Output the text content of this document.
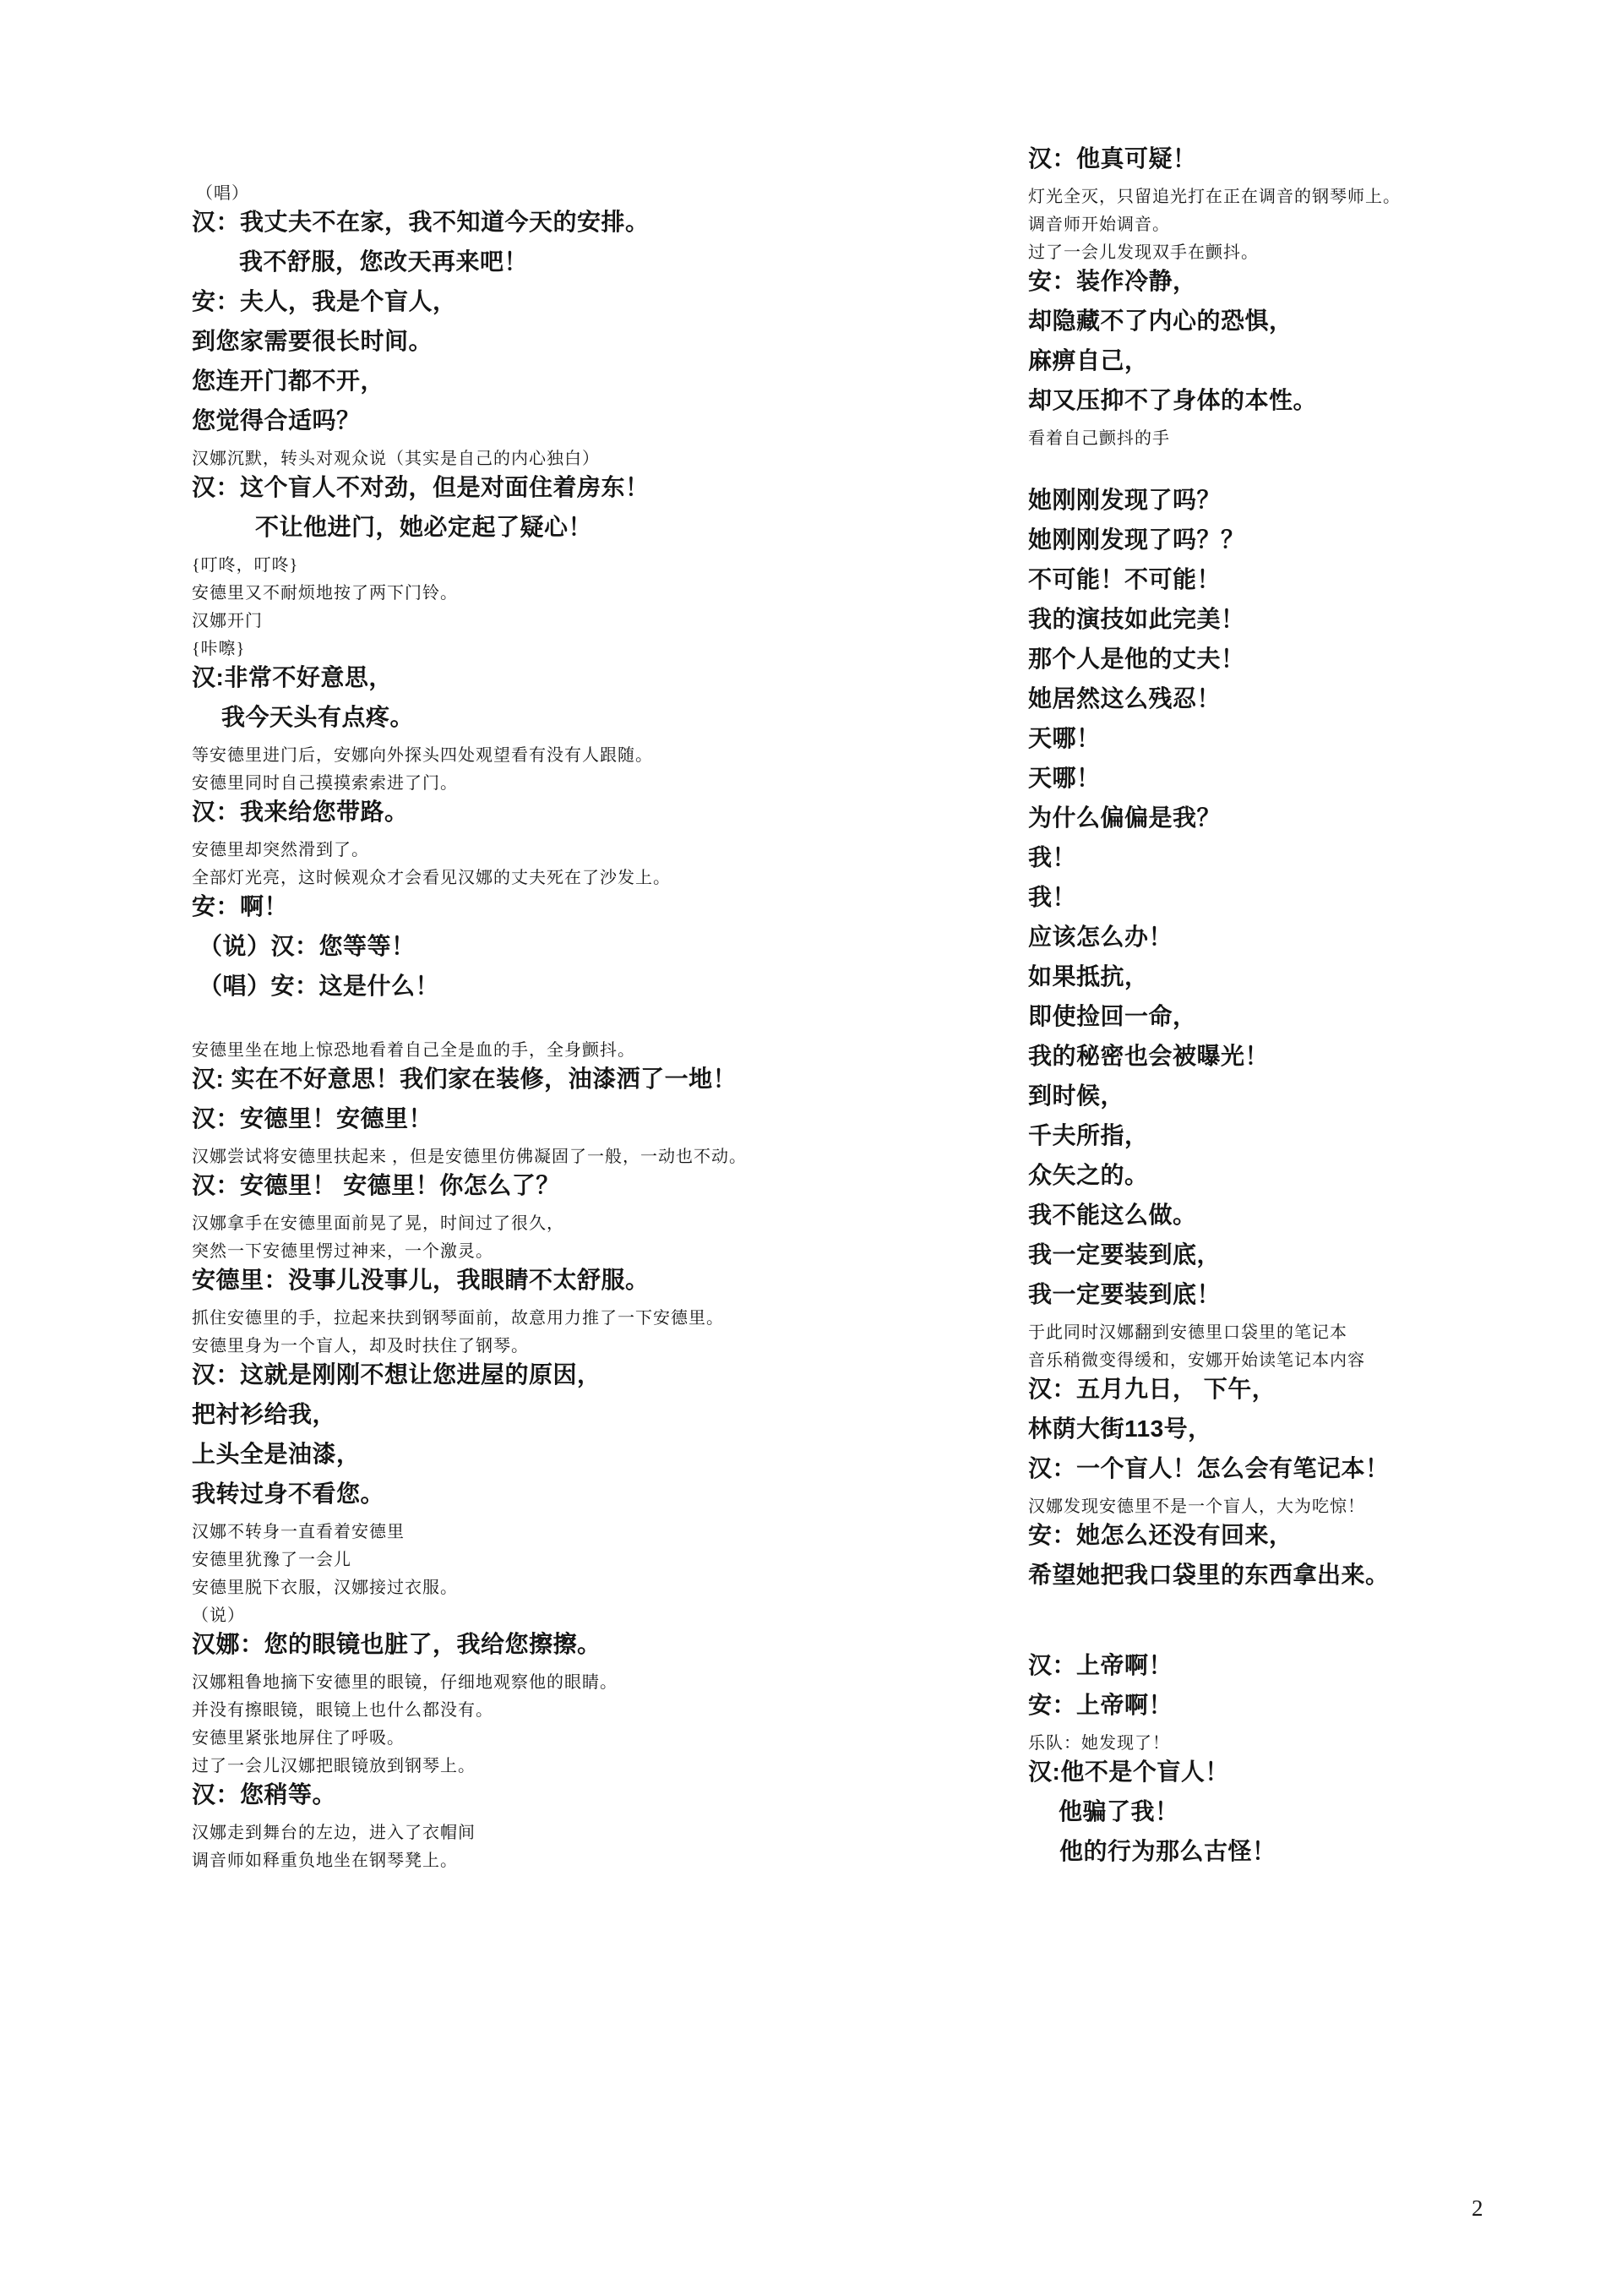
（唱）
汉：我丈夫不在家，我不知道今天的安排。
我不舒服，您改天再来吧！
安：夫人，我是个盲人，
到您家需要很长时间。
您连开门都不开，
您觉得合适吗？
汉娜沉默，转头对观众说（其实是自己的内心独白）
汉：这个盲人不对劲，但是对面住着房东！
不让他进门，她必定起了疑心！
{叮咚，叮咚}
安德里又不耐烦地按了两下门铃。
汉娜开门
{咔嚓}
汉:非常不好意思，
我今天头有点疼。
等安德里进门后，安娜向外探头四处观望看有没有人跟随。
安德里同时自己摸摸索索进了门。
汉：我来给您带路。
安德里却突然滑到了。
全部灯光亮，这时候观众才会看见汉娜的丈夫死在了沙发上。
安：啊！
（说）汉：您等等！
（唱）安：这是什么！
安德里坐在地上惊恐地看着自己全是血的手，全身颤抖。
汉: 实在不好意思！我们家在装修，油漆洒了一地！
汉：安德里！安德里！
汉娜尝试将安德里扶起来 ，但是安德里仿佛凝固了一般，一动也不动。
汉：安德里！ 安德里！你怎么了？
汉娜拿手在安德里面前晃了晃，时间过了很久，
突然一下安德里愣过神来，一个激灵。
安德里：没事儿没事儿，我眼睛不太舒服。
抓住安德里的手，拉起来扶到钢琴面前，故意用力推了一下安德里。
安德里身为一个盲人，却及时扶住了钢琴。
汉：这就是刚刚不想让您进屋的原因，
把衬衫给我，
上头全是油漆，
我转过身不看您。
汉娜不转身一直看着安德里
安德里犹豫了一会儿
安德里脱下衣服，汉娜接过衣服。
（说）
汉娜：您的眼镜也脏了，我给您擦擦。
汉娜粗鲁地摘下安德里的眼镜，仔细地观察他的眼睛。
并没有擦眼镜，眼镜上也什么都没有。
安德里紧张地屏住了呼吸。
过了一会儿汉娜把眼镜放到钢琴上。
汉：您稍等。
汉娜走到舞台的左边，进入了衣帽间
调音师如释重负地坐在钢琴凳上。
汉：他真可疑！
灯光全灭，只留追光打在正在调音的钢琴师上。
调音师开始调音。
过了一会儿发现双手在颤抖。
安：装作冷静，
却隐藏不了内心的恐惧，
麻痹自己，
却又压抑不了身体的本性。
看着自己颤抖的手
她刚刚发现了吗？
她刚刚发现了吗？？
不可能！不可能！
我的演技如此完美！
那个人是他的丈夫！
她居然这么残忍！
天哪！
天哪！
为什么偏偏是我？
我！
我！
应该怎么办！
如果抵抗，
即使捡回一命，
我的秘密也会被曝光！
到时候，
千夫所指，
众矢之的。
我不能这么做。
我一定要装到底，
我一定要装到底！
于此同时汉娜翻到安德里口袋里的笔记本
音乐稍微变得缓和，安娜开始读笔记本内容
汉：五月九日， 下午，
林荫大街113号，
汉：一个盲人！怎么会有笔记本！
汉娜发现安德里不是一个盲人，大为吃惊！
安：她怎么还没有回来，
希望她把我口袋里的东西拿出来。
汉：上帝啊！
安：上帝啊！
乐队：她发现了！
汉:他不是个盲人！
他骗了我！
他的行为那么古怪！
2
